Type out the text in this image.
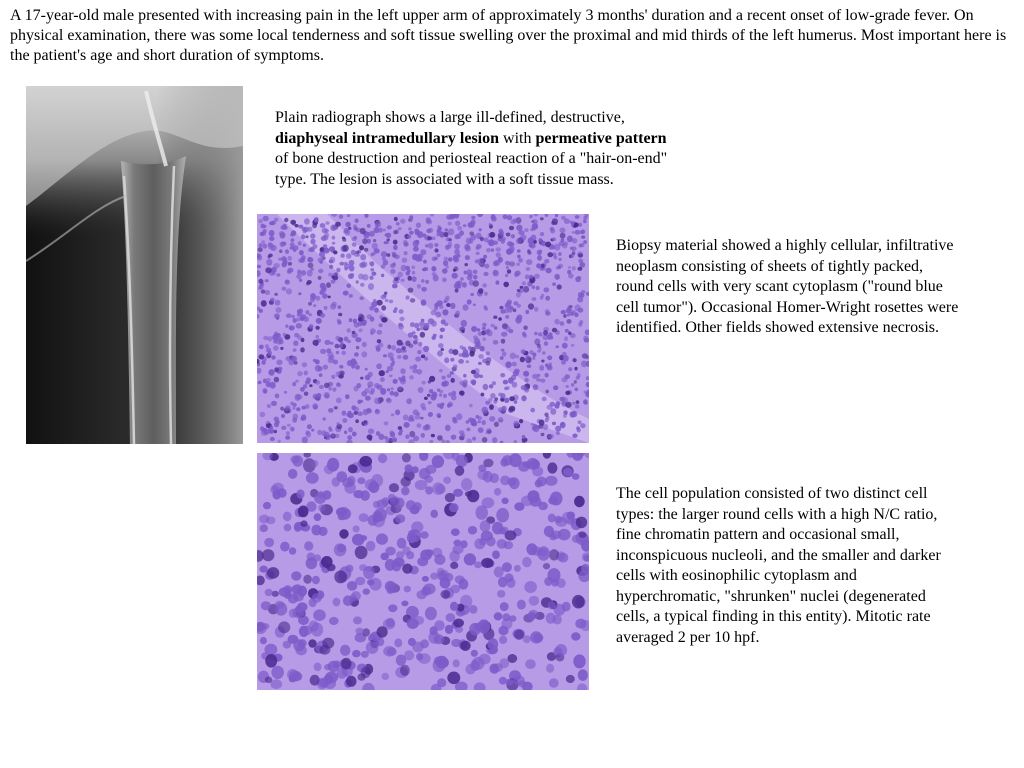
A 17-year-old male presented with increasing pain in the left upper arm of approximately 3 months' duration and a recent onset of low-grade fever. On physical examination, there was some local tenderness and soft tissue swelling over the proximal and mid thirds of the left humerus. Most important here is the patient's age and short duration of symptoms.

Plain radiograph shows a large ill-defined, destructive, diaphyseal intramedullary lesion with permeative pattern of bone destruction and periosteal reaction of a "hair-on-end" type. The lesion is associated with a soft tissue mass.

Biopsy material showed a highly cellular, infiltrative neoplasm consisting of sheets of tightly packed, round cells with very scant cytoplasm ("round blue cell tumor"). Occasional Homer-Wright rosettes were identified. Other fields showed extensive necrosis.

The cell population consisted of two distinct cell types: the larger round cells with a high N/C ratio, fine chromatin pattern and occasional small, inconspicuous nucleoli, and the smaller and darker cells with eosinophilic cytoplasm and hyperchromatic, "shrunken" nuclei (degenerated cells, a typical finding in this entity). Mitotic rate averaged 2 per 10 hpf.
